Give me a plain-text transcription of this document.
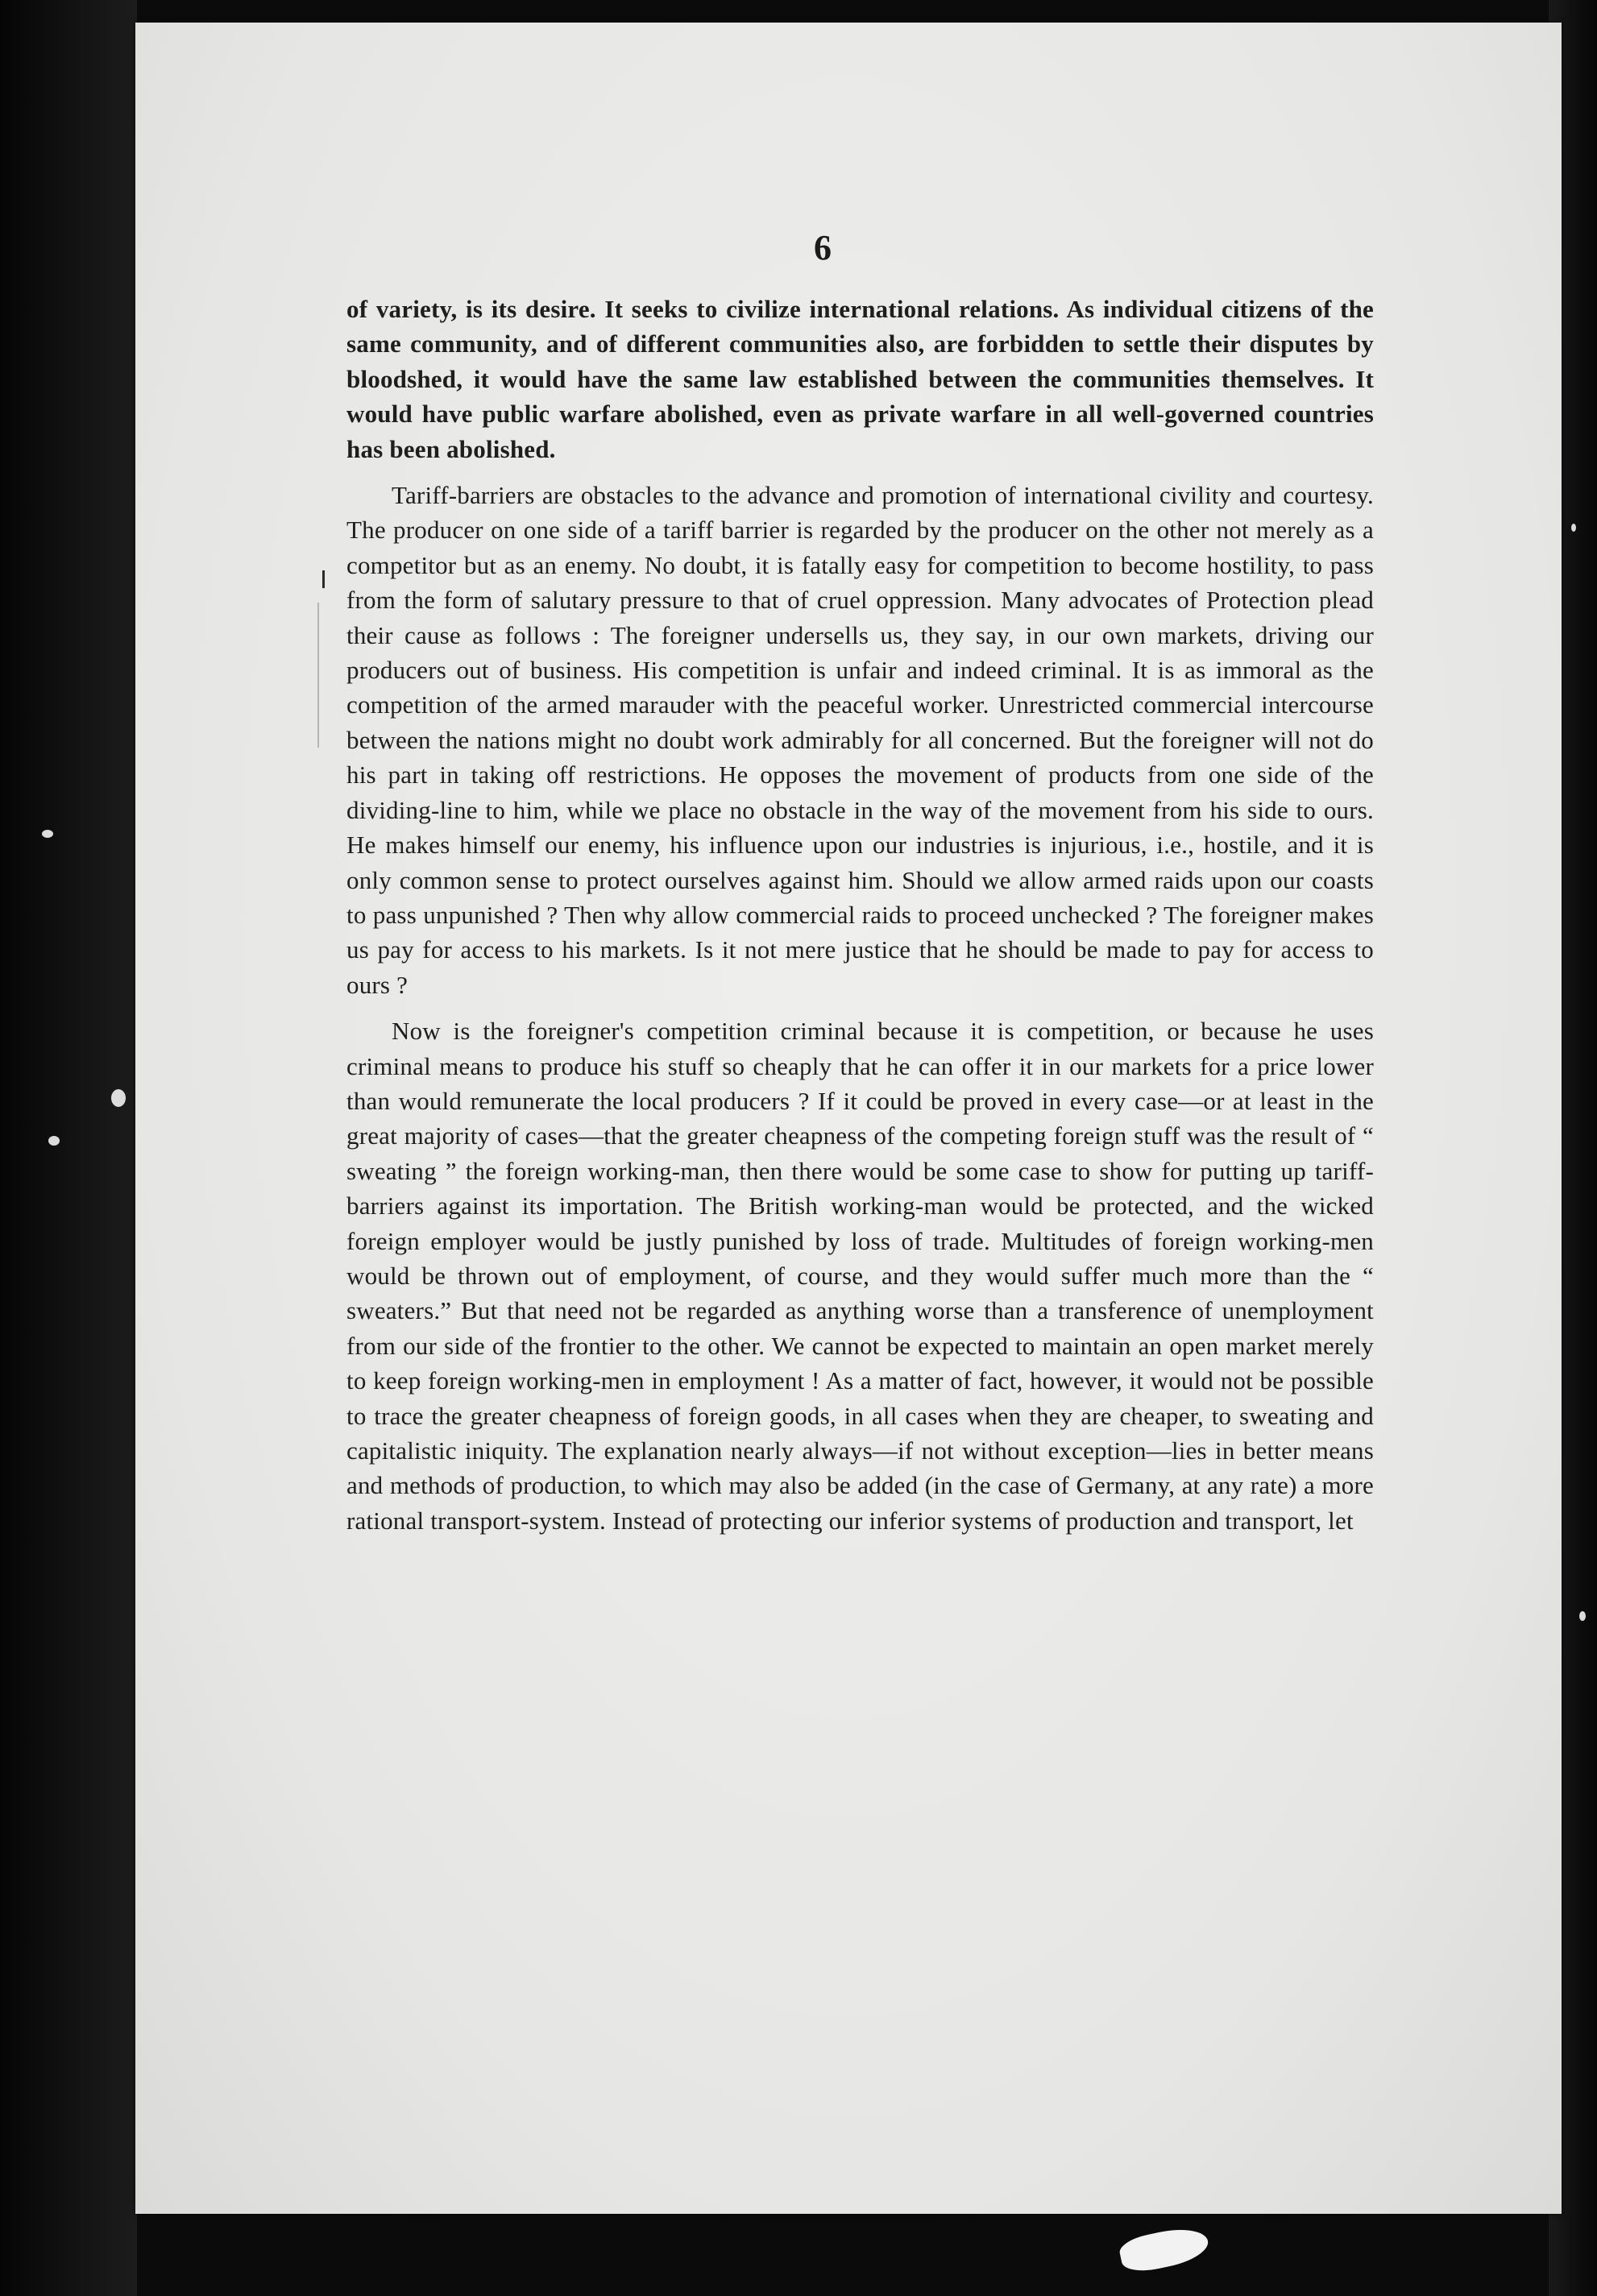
6

of variety, is its desire. It seeks to civilize international relations. As individual citizens of the same community, and of different communities also, are forbidden to settle their disputes by bloodshed, it would have the same law established between the communities themselves. It would have public warfare abolished, even as private warfare in all well-governed countries has been abolished.

Tariff-barriers are obstacles to the advance and promotion of international civility and courtesy. The producer on one side of a tariff barrier is regarded by the producer on the other not merely as a competitor but as an enemy. No doubt, it is fatally easy for competition to become hostility, to pass from the form of salutary pressure to that of cruel oppression. Many advocates of Protection plead their cause as follows : The foreigner undersells us, they say, in our own markets, driving our producers out of business. His competition is unfair and indeed criminal. It is as immoral as the competition of the armed marauder with the peaceful worker. Unrestricted commercial intercourse between the nations might no doubt work admirably for all concerned. But the foreigner will not do his part in taking off restrictions. He opposes the movement of products from one side of the dividing-line to him, while we place no obstacle in the way of the movement from his side to ours. He makes himself our enemy, his influence upon our industries is injurious, i.e., hostile, and it is only common sense to protect ourselves against him. Should we allow armed raids upon our coasts to pass unpunished ? Then why allow commercial raids to proceed unchecked ? The foreigner makes us pay for access to his markets. Is it not mere justice that he should be made to pay for access to ours ?

Now is the foreigner's competition criminal because it is competition, or because he uses criminal means to produce his stuff so cheaply that he can offer it in our markets for a price lower than would remunerate the local producers ? If it could be proved in every case—or at least in the great majority of cases—that the greater cheapness of the competing foreign stuff was the result of “ sweating ” the foreign working-man, then there would be some case to show for putting up tariff-barriers against its importation. The British working-man would be protected, and the wicked foreign employer would be justly punished by loss of trade. Multitudes of foreign working-men would be thrown out of employment, of course, and they would suffer much more than the “ sweaters.” But that need not be regarded as anything worse than a transference of unemployment from our side of the frontier to the other. We cannot be expected to maintain an open market merely to keep foreign working-men in employment ! As a matter of fact, however, it would not be possible to trace the greater cheapness of foreign goods, in all cases when they are cheaper, to sweating and capitalistic iniquity. The explanation nearly always—if not without exception—lies in better means and methods of production, to which may also be added (in the case of Germany, at any rate) a more rational transport-system. Instead of protecting our inferior systems of production and transport, let
